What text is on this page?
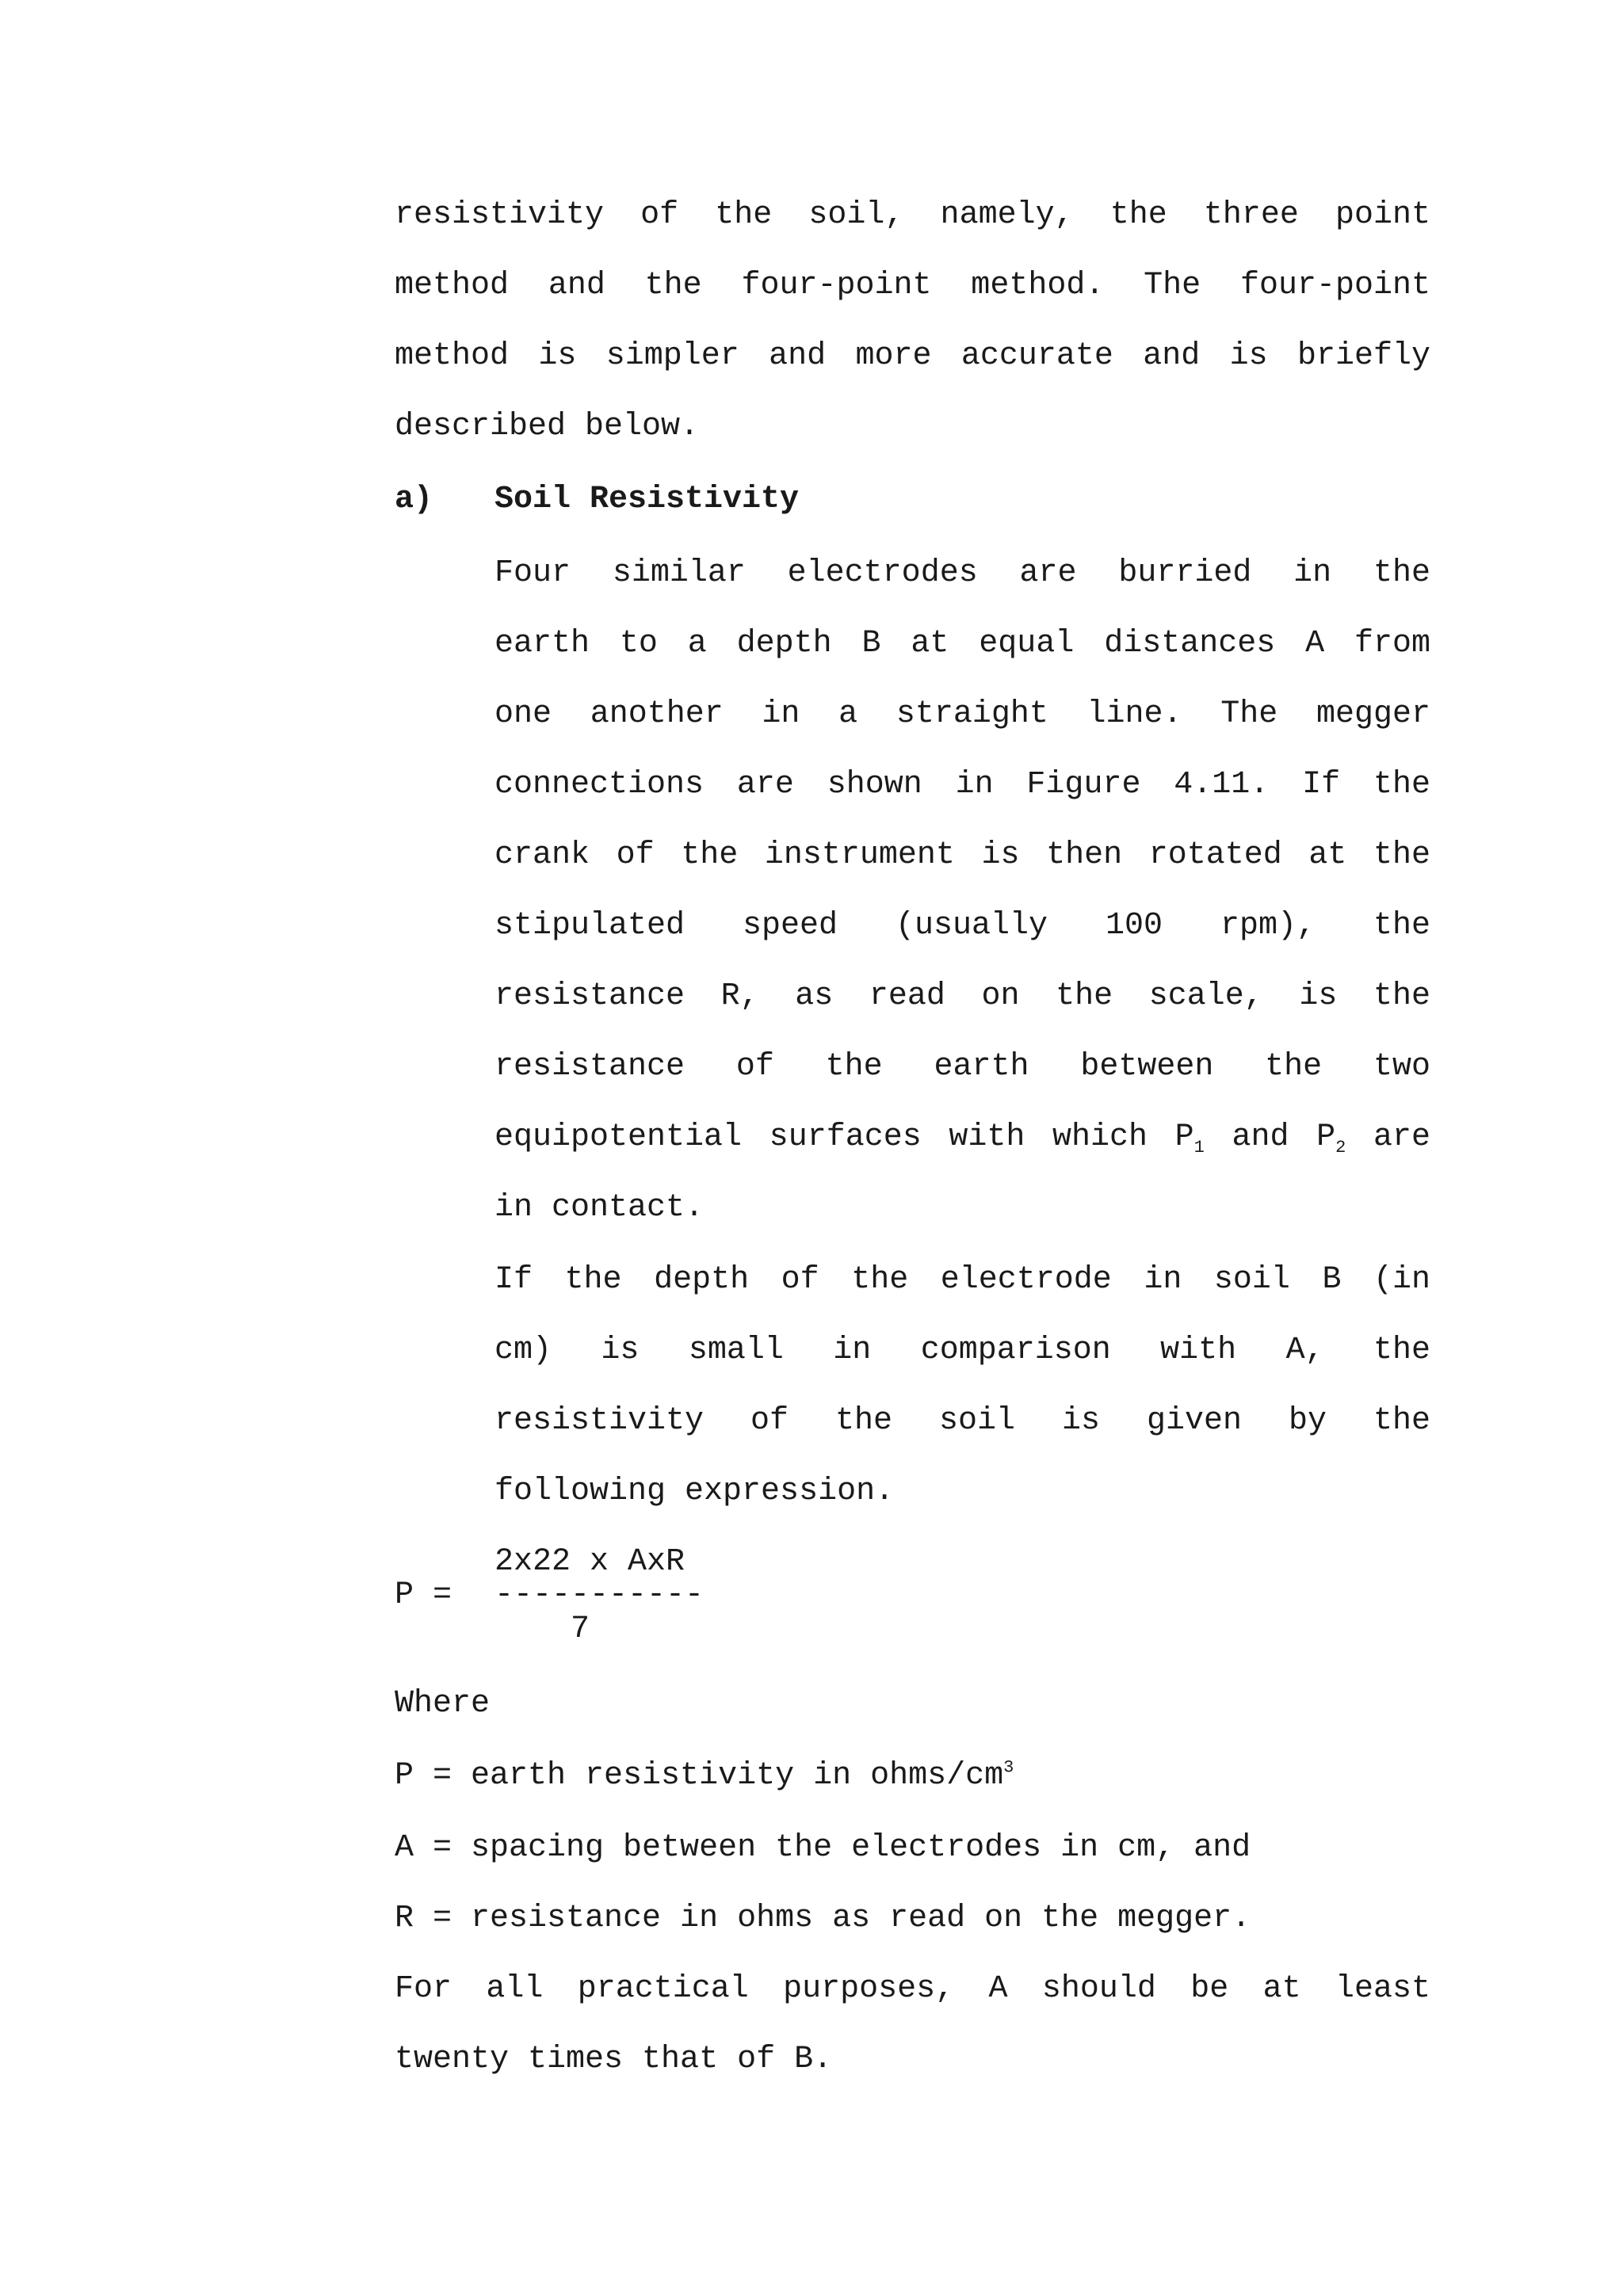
resistivity of the soil, namely, the three point
method and the four-point method. The four-point
method is simpler and more accurate and is briefly
described below.
a) Soil Resistivity
Four similar electrodes are burried in the
earth to a depth B at equal distances A from
one another in a straight line. The megger
connections are shown in Figure 4.11. If the
crank of the instrument is then rotated at the
stipulated speed (usually 100 rpm), the
resistance R, as read on the scale, is the
resistance of the earth between the two
equipotential surfaces with which $P_1$ and $P_2$ are
in contact.
If the depth of the electrode in soil B (in
cm) is small in comparison with A, the
resistivity of the soil is given by the
following expression.
2x22 x AxR
P = -----------
7
Where
P = earth resistivity in ohms/$cm^3$
A = spacing between the electrodes in cm, and
R = resistance in ohms as read on the megger.
For all practical purposes, A should be at least
twenty times that of B.
